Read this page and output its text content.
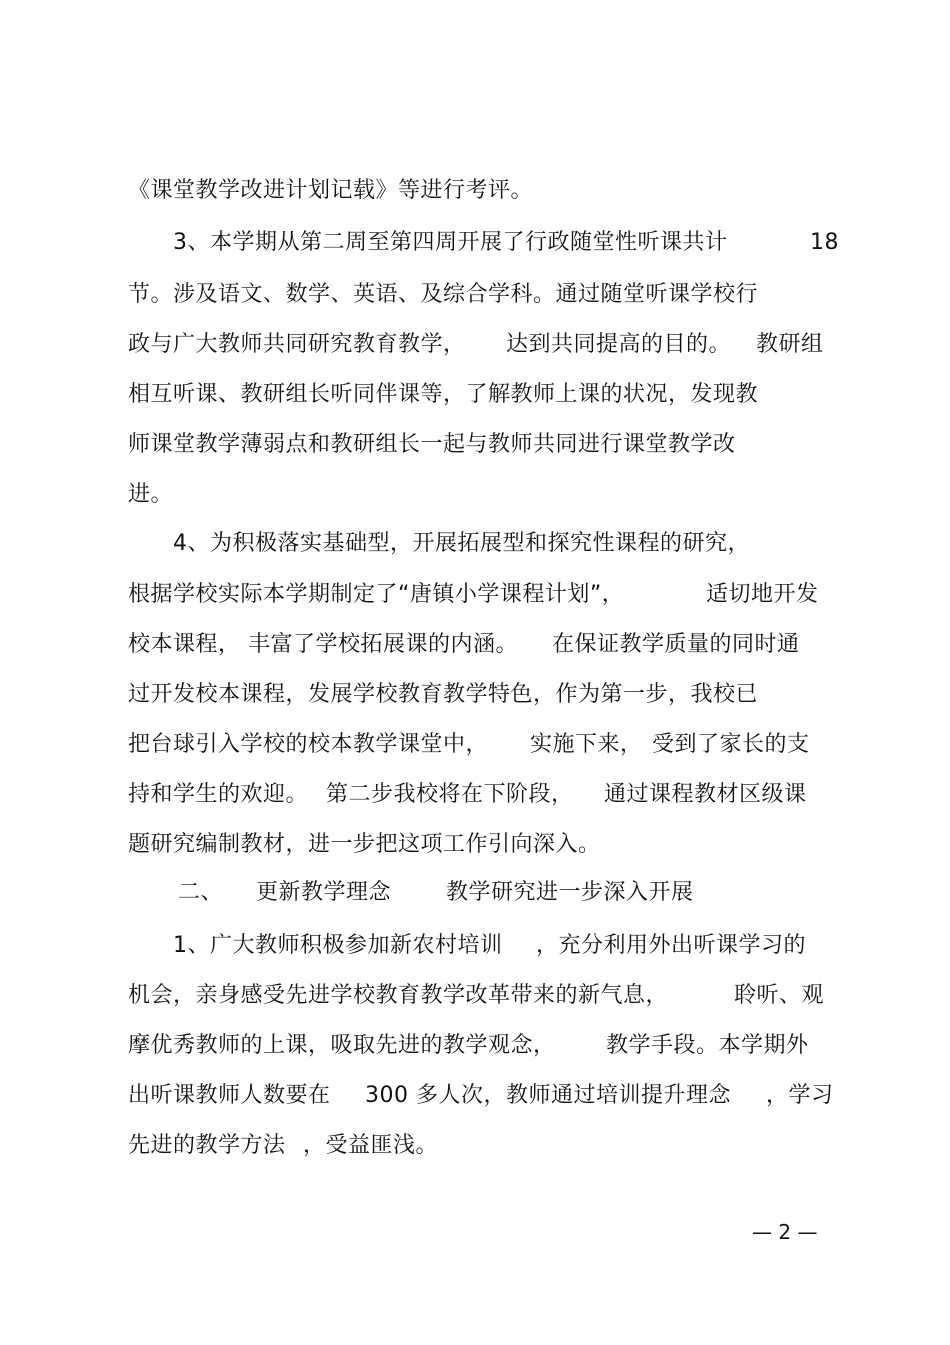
《课堂教学改进计划记载》等进行考评。
3、本学期从第二周至第四周开展了行政随堂性听课共计	18
节。涉及语文、数学、英语、及综合学科。通过随堂听课学校行
政与广大教师共同研究教育教学， 达到共同提高的目的。 教研组
相互听课、教研组长听同伴课等，了解教师上课的状况，发现教
师课堂教学薄弱点和教研组长一起与教师共同进行课堂教学改
进。
4、为积极落实基础型，开展拓展型和探究性课程的研究，
根据学校实际本学期制定了“唐镇小学课程计划”，	适切地开发
校本课程， 丰富了学校拓展课的内涵。 在保证教学质量的同时通
过开发校本课程，发展学校教育教学特色，作为第一步，我校已
把台球引入学校的校本教学课堂中， 实施下来， 受到了家长的支
持和学生的欢迎。 第二步我校将在下阶段， 通过课程教材区级课
题研究编制教材，进一步把这项工作引向深入。
二、 更新教学理念 教学研究进一步深入开展
1、广大教师积极参加新农村培训 ，充分利用外出听课学习的
机会，亲身感受先进学校教育教学改革带来的新气息，	聆听、观
摩优秀教师的上课，吸取先进的教学观念， 教学手段。本学期外
出听课教师人数要在 300 多人次，教师通过培训提升理念 ，学习
先进的教学方法 ，受益匪浅。
— 2 —
